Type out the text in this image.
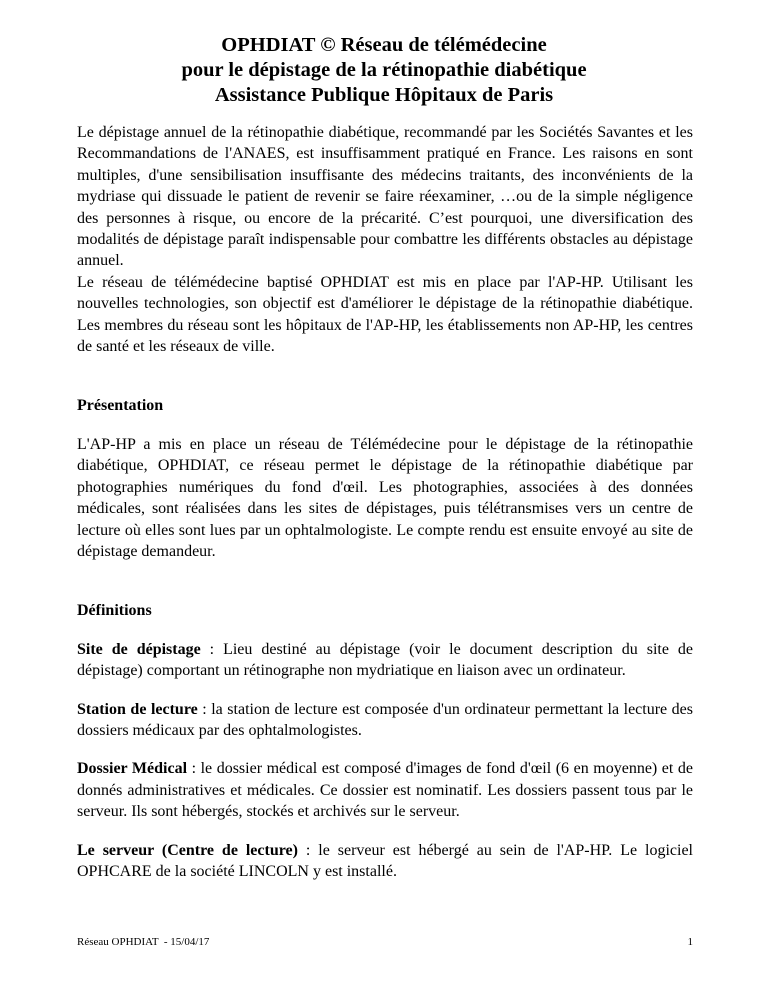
OPHDIAT © Réseau de télémédecine
pour le dépistage de la rétinopathie diabétique
Assistance Publique Hôpitaux de Paris

Le dépistage annuel de la rétinopathie diabétique, recommandé par les Sociétés Savantes et les Recommandations de l'ANAES, est insuffisamment pratiqué en France. Les raisons en sont multiples, d'une sensibilisation insuffisante des médecins traitants, des inconvénients de la mydriase qui dissuade le patient de revenir se faire réexaminer, …ou de la simple négligence des personnes à risque, ou encore de la précarité. C’est pourquoi, une diversification des modalités de dépistage paraît indispensable pour combattre les différents obstacles au dépistage annuel.

Le réseau de télémédecine baptisé OPHDIAT est mis en place par l'AP-HP. Utilisant les nouvelles technologies, son objectif est d'améliorer le dépistage de la rétinopathie diabétique. Les membres du réseau sont les hôpitaux de l'AP-HP, les établissements non AP-HP, les centres de santé et les réseaux de ville.

Présentation

L'AP-HP a mis en place un réseau de Télémédecine pour le dépistage de la rétinopathie diabétique, OPHDIAT, ce réseau permet le dépistage de la rétinopathie diabétique par photographies numériques du fond d'œil. Les photographies, associées à des données médicales, sont réalisées dans les sites de dépistages, puis télétransmises vers un centre de lecture où elles sont lues par un ophtalmologiste. Le compte rendu est ensuite envoyé au site de dépistage demandeur.

Définitions

Site de dépistage : Lieu destiné au dépistage (voir le document description du site de dépistage) comportant un rétinographe non mydriatique en liaison avec un ordinateur.

Station de lecture : la station de lecture est composée d'un ordinateur permettant la lecture des dossiers médicaux par des ophtalmologistes.

Dossier Médical : le dossier médical est composé d'images de fond d'œil (6 en moyenne) et de donnés administratives et médicales. Ce dossier est nominatif. Les dossiers passent tous par le serveur. Ils sont hébergés, stockés et archivés sur le serveur.

Le serveur (Centre de lecture) : le serveur est hébergé au sein de l'AP-HP. Le logiciel OPHCARE de la société LINCOLN y est installé.

Réseau OPHDIAT  - 15/04/17	1
